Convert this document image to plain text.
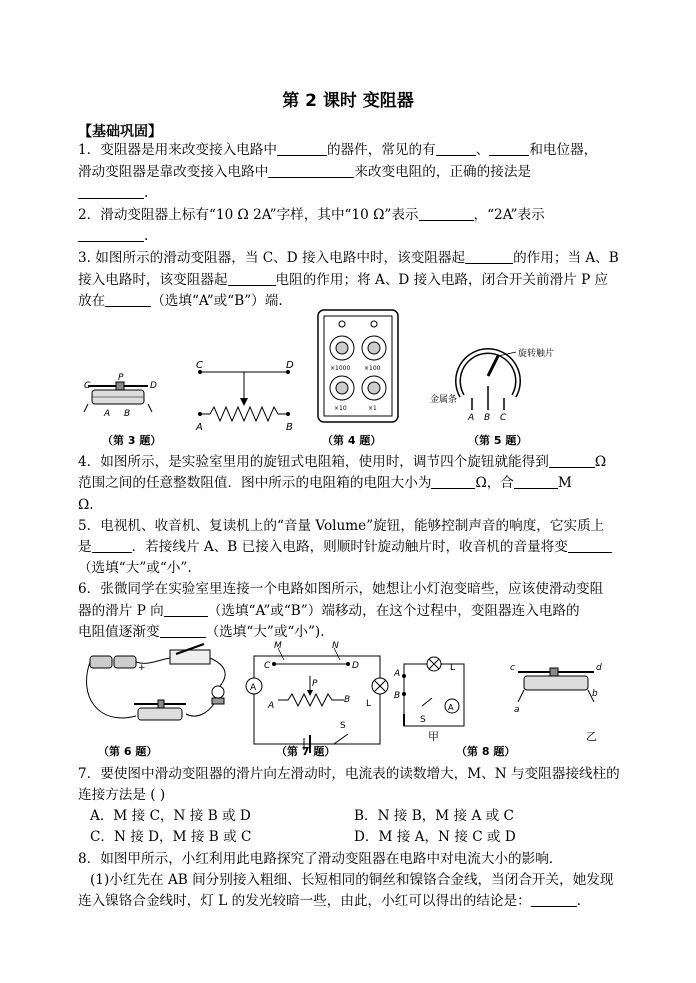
第 2 课时 变阻器
【基础巩固】
1．变阻器是用来改变接入电路中	的器件，常见的有	、	和电位器，
滑动变阻器是靠改变接入电路中	来改变电阻的，正确的接法是
.
2．滑动变阻器上标有“10 Ω 2A”字样，其中“10 Ω”表示	，“2A”表示
.
3. 如图所示的滑动变阻器，当 C、D 接入电路中时，该变阻器起	的作用；当 A、B
接入电路时，该变阻器起	电阻的作用；将 A、D 接入电路，闭合开关前滑片 P 应
放在	（选填“A”或“B”）端.
C	D
P
A B
C	D
A	B
×1000 ×100
×10	×1
旋转触片
金属条
A B C
（第 3 题）	（第 4 题）	（第 5 题）
4．如图所示，是实验室里用的旋钮式电阻箱，使用时，调节四个旋钮就能得到	Ω
范围之间的任意整数阻值．图中所示的电阻箱的电阻大小为	Ω，合	M
Ω.
5．电视机、收音机、复读机上的“音量 Volume”旋钮，能够控制声音的响度，它实质上
是	．若接线片 A、B 已接入电路，则顺时针旋动触片时，收音机的音量将变
（选填“大”或“小”.
6．张微同学在实验室里连接一个电路如图所示，她想让小灯泡变暗些，应该使滑动变阻
器的滑片 P 向	（选填“A”或“B”）端移动，在这个过程中，变阻器连入电路的
电阻值逐渐变	（选填“大”或“小”).
+
A
L
M	N
C	D
A
B
P
S
A
B
L
A
S
c	d
a
b
（第 6 题）	（第 7 题）	（第 8 题）
甲	乙
7．要使图中滑动变阻器的滑片向左滑动时，电流表的读数增大，M、N 与变阻器接线柱的
连接方法是 ( )
A．M 接 C，N 接 B 或 D	B．N 接 B，M 接 A 或 C
C．N 接 D，M 接 B 或 C	D．M 接 A，N 接 C 或 D
8．如图甲所示，小红利用此电路探究了滑动变阻器在电路中对电流大小的影响．
(1)小红先在 AB 间分别接入粗细、长短相同的铜丝和镍铬合金线，当闭合开关，她发现
连入镍铬合金线时，灯 L 的发光较暗一些，由此，小红可以得出的结论是：	.
